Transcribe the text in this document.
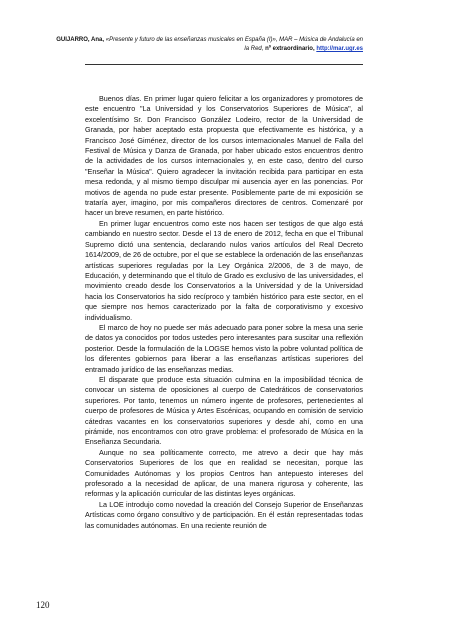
GUIJARRO, Ana, «Presente y futuro de las enseñanzas musicales en España (I)», MAR – Música de Andalucía en la Red, nº extraordinario, http://mar.ugr.es

Buenos días. En primer lugar quiero felicitar a los organizadores y promotores de este encuentro "La Universidad y los Conservatorios Superiores de Música", al excelentísimo Sr. Don Francisco González Lodeiro, rector de la Universidad de Granada, por haber aceptado esta propuesta que efectivamente es histórica, y a Francisco José Giménez, director de los cursos internacionales Manuel de Falla del Festival de Música y Danza de Granada, por haber ubicado estos encuentros dentro de la actividades de los cursos internacionales y, en este caso, dentro del curso "Enseñar la Música". Quiero agradecer la invitación recibida para participar en esta mesa redonda, y al mismo tiempo disculpar mi ausencia ayer en las ponencias. Por motivos de agenda no pude estar presente. Posiblemente parte de mi exposición se trataría ayer, imagino, por mis compañeros directores de centros. Comenzaré por hacer un breve resumen, en parte histórico.

En primer lugar encuentros como este nos hacen ser testigos de que algo está cambiando en nuestro sector. Desde el 13 de enero de 2012, fecha en que el Tribunal Supremo dictó una sentencia, declarando nulos varios artículos del Real Decreto 1614/2009, de 26 de octubre, por el que se establece la ordenación de las enseñanzas artísticas superiores reguladas por la Ley Orgánica 2/2006, de 3 de mayo, de Educación, y determinando que el título de Grado es exclusivo de las universidades, el movimiento creado desde los Conservatorios a la Universidad y de la Universidad hacia los Conservatorios ha sido recíproco y también histórico para este sector, en el que siempre nos hemos caracterizado por la falta de corporativismo y excesivo individualismo.

El marco de hoy no puede ser más adecuado para poner sobre la mesa una serie de datos ya conocidos por todos ustedes pero interesantes para suscitar una reflexión posterior. Desde la formulación de la LOGSE hemos visto la pobre voluntad política de los diferentes gobiernos para liberar a las enseñanzas artísticas superiores del entramado jurídico de las enseñanzas medias.

El disparate que produce esta situación culmina en la imposibilidad técnica de convocar un sistema de oposiciones al cuerpo de Catedráticos de conservatorios superiores. Por tanto, tenemos un número ingente de profesores, pertenecientes al cuerpo de profesores de Música y Artes Escénicas, ocupando en comisión de servicio cátedras vacantes en los conservatorios superiores y desde ahí, como en una pirámide, nos encontramos con otro grave problema: el profesorado de Música en la Enseñanza Secundaria.

Aunque no sea políticamente correcto, me atrevo a decir que hay más Conservatorios Superiores de los que en realidad se necesitan, porque las Comunidades Autónomas y los propios Centros han antepuesto intereses del profesorado a la necesidad de aplicar, de una manera rigurosa y coherente, las reformas y la aplicación curricular de las distintas leyes orgánicas.

La LOE introdujo como novedad la creación del Consejo Superior de Enseñanzas Artísticas como órgano consultivo y de participación. En él están representadas todas las comunidades autónomas. En una reciente reunión de

120
